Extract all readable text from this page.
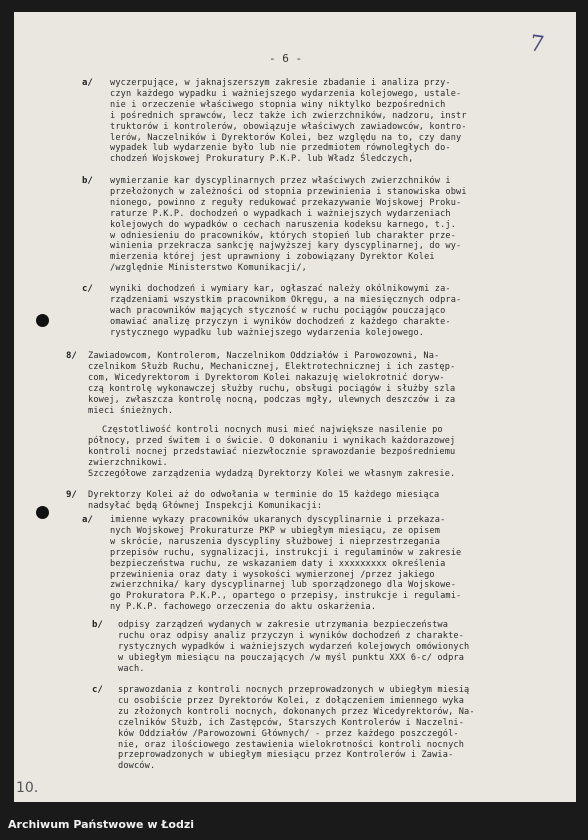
- 6 -
7
a/ wyczerpujące, w jaknajszerszym zakresie zbadanie i analiza przy-
czyn każdego wypadku i ważniejszego wydarzenia kolejowego, ustale-
nie i orzeczenie właściwego stopnia winy niktylko bezpośrednich
i pośrednich sprawców, lecz także ich zwierzchników, nadzoru, instr
truktorów i kontrolerów, obowiązuje właściwych zawiadowców, kontro-
lerów, Naczelników i Dyrektorów Kolei, bez względu na to, czy dany
wypadek lub wydarzenie było lub nie przedmiotem równoległych do-
chodzeń Wojskowej Prokuratury P.K.P. lub Władz Śledczych,
b/ wymierzanie kar dyscyplinarnych przez właściwych zwierzchników i
przełożonych w zależności od stopnia przewinienia i stanowiska obwi
nionego, powinno z reguły redukować przekazywanie Wojskowej Proku-
raturze P.K.P. dochodzeń o wypadkach i ważniejszych wydarzeniach
kolejowych do wypadków o cechach naruszenia kodeksu karnego, t.j.
w odniesieniu do pracowników, których stopień lub charakter prze-
winienia przekracza sankcję najwyższej kary dyscyplinarnej, do wy-
mierzenia której jest uprawniony i zobowiązany Dyrektor Kolei
/względnie Ministerstwo Komunikacji/,
c/ wyniki dochodzeń i wymiary kar, ogłaszać należy okólnikowymi za-
rządzeniami wszystkim pracownikom Okręgu, a na miesięcznych odpra-
wach pracowników mających styczność w ruchu pociągów pouczająco
omawiać analizę przyczyn i wyników dochodzeń z każdego charakte-
rystycznego wypadku lub ważniejszego wydarzenia kolejowego.
8/ Zawiadowcom, Kontrolerom, Naczelnikom Oddziałów i Parowozowni, Na-
czelnikom Służb Ruchu, Mechanicznej, Elektrotechnicznej i ich zastęp-
com, Wicedyrektorom i Dyrektorom Kolei nakazuję wielokrotnić doryw-
czą kontrolę wykonawczej służby ruchu, obsługi pociągów i służby szla
kowej, zwłaszcza kontrolę nocną, podczas mgły, ulewnych deszczów i za
mieci śnieżnych.
Częstotliwość kontroli nocnych musi mieć największe nasilenie po
północy, przed świtem i o świcie. O dokonaniu i wynikach każdorazowej
kontroli nocnej przedstawiać niezwłocznie sprawozdanie bezpośredniemu
zwierzchnikowi.
Szczegółowe zarządzenia wydadzą Dyrektorzy Kolei we własnym zakresie.
9/ Dyrektorzy Kolei aż do odwołania w terminie do 15 każdego miesiąca
nadsyłać będą Głównej Inspekcji Komunikacji:
a/ imienne wykazy pracowników ukaranych dyscyplinarnie i przekaza-
nych Wojskowej Prokuraturze PKP w ubiegłym miesiącu, ze opisem
w skrócie, naruszenia dyscypliny służbowej i nieprzestrzegania
przepisów ruchu, sygnalizacji, instrukcji i regulaminów w zakresie
bezpieczeństwa ruchu, ze wskazaniem daty i xxxxxxxxx określenia
przewinienia oraz daty i wysokości wymierzonej /przez jakiego
zwierzchnika/ kary dyscyplinarnej lub sporządzonego dla Wojskowe-
go Prokuratora P.K.P., opartego o przepisy, instrukcje i regulami-
ny P.K.P. fachowego orzeczenia do aktu oskarżenia.
b/ odpisy zarządzeń wydanych w zakresie utrzymania bezpieczeństwa
ruchu oraz odpisy analiz przyczyn i wyników dochodzeń z charakte-
rystycznych wypadków i ważniejszych wydarzeń kolejowych omówionych
w ubiegłym miesiącu na pouczających /w myśl punktu XXX 6-c/ odpra
wach.
c/ sprawozdania z kontroli nocnych przeprowadzonych w ubiegłym miesią
cu osobiście przez Dyrektorów Kolei, z dołączeniem imiennego wyka
zu złożonych kontroli nocnych, dokonanych przez Wicedyrektorów, Na-
czelników Służb, ich Zastępców, Starszych Kontrolerów i Naczelni-
ków Oddziałów /Parowozowni Głównych/ - przez każdego poszczegól-
nie, oraz ilościowego zestawienia wielokrotności kontroli nocnych
przeprowadzonych w ubiegłym miesiącu przez Kontrolerów i Zawia-
dowców.
10.
Archiwum Państwowe w Łodzi
